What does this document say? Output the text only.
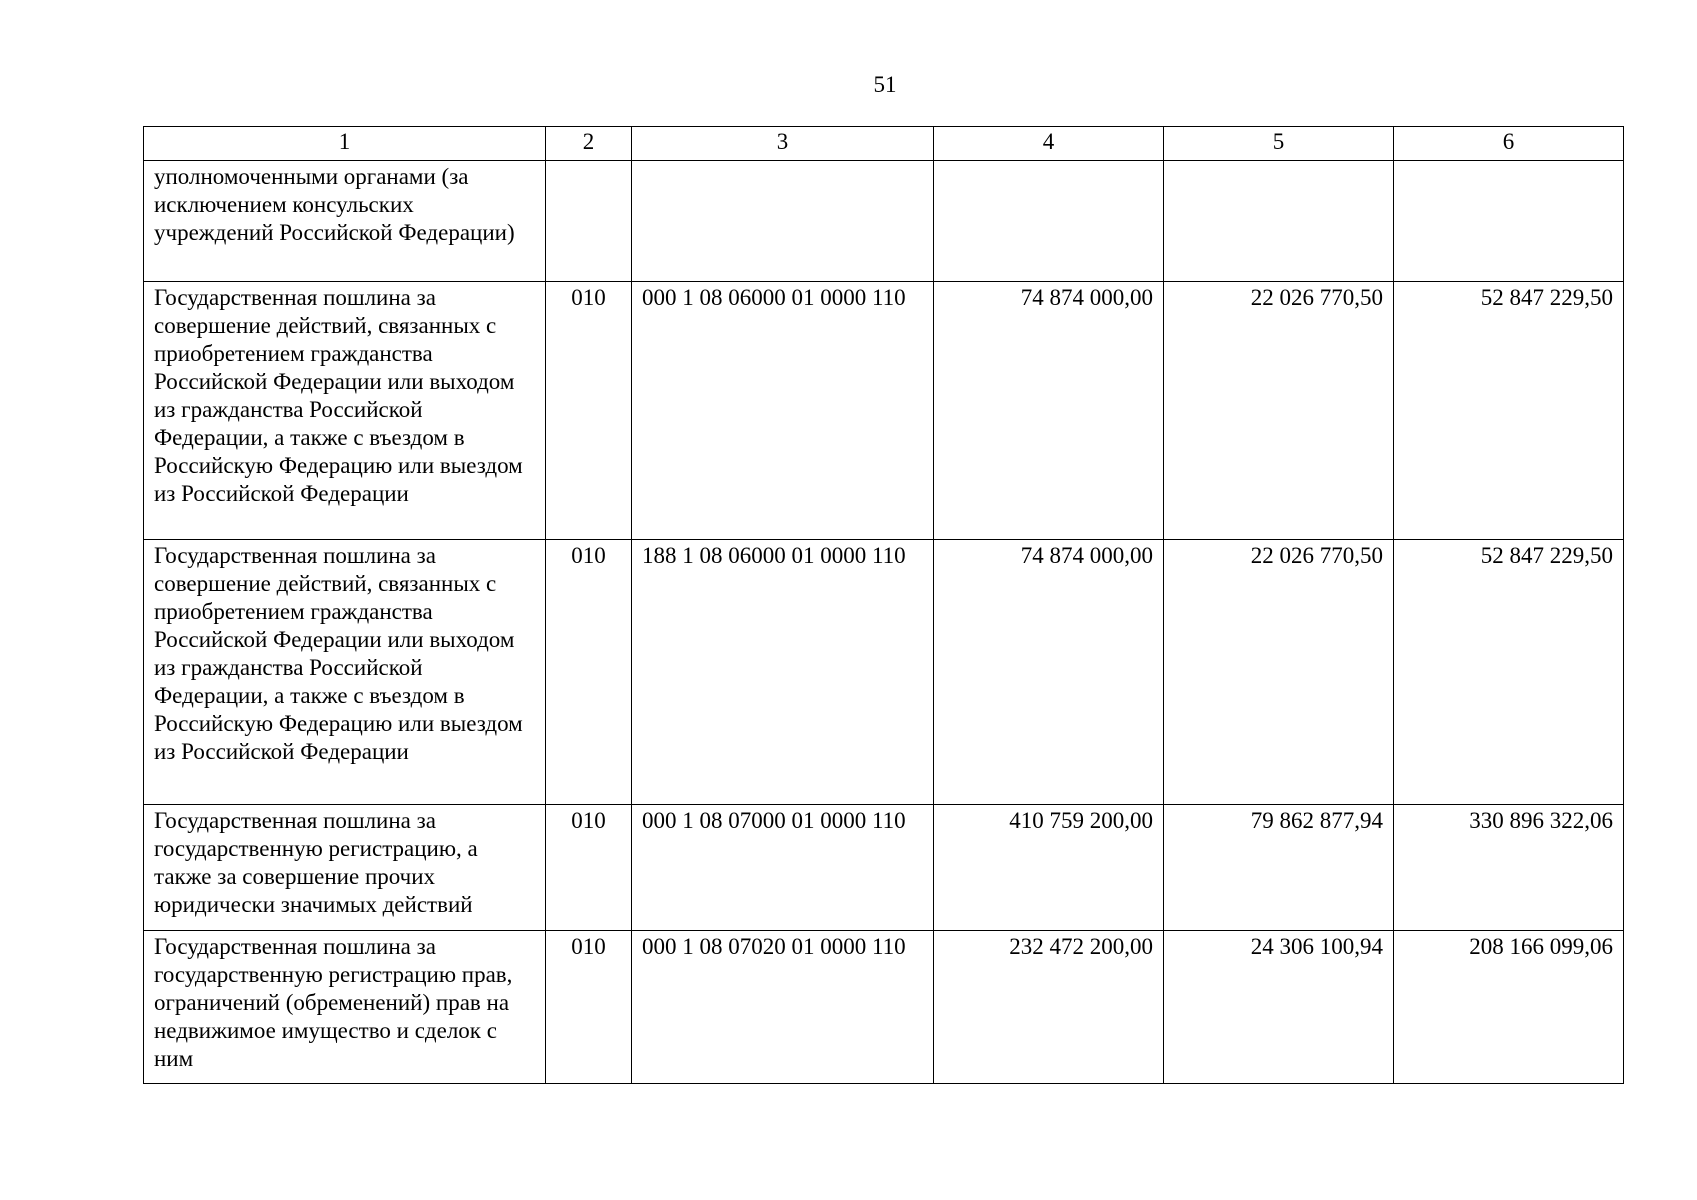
51
1	2	3	4	5	6
уполномоченными органами (за исключением консульских учреждений Российской Федерации)					
Государственная пошлина за совершение действий, связанных с приобретением гражданства Российской Федерации или выходом из гражданства Российской Федерации, а также с въездом в Российскую Федерацию или выездом из Российской Федерации	010	000 1 08 06000 01 0000 110	74 874 000,00	22 026 770,50	52 847 229,50
Государственная пошлина за совершение действий, связанных с приобретением гражданства Российской Федерации или выходом из гражданства Российской Федерации, а также с въездом в Российскую Федерацию или выездом из Российской Федерации	010	188 1 08 06000 01 0000 110	74 874 000,00	22 026 770,50	52 847 229,50
Государственная пошлина за государственную регистрацию, а также за совершение прочих юридически значимых действий	010	000 1 08 07000 01 0000 110	410 759 200,00	79 862 877,94	330 896 322,06
Государственная пошлина за государственную регистрацию прав, ограничений (обременений) прав на недвижимое имущество и сделок с ним	010	000 1 08 07020 01 0000 110	232 472 200,00	24 306 100,94	208 166 099,06
